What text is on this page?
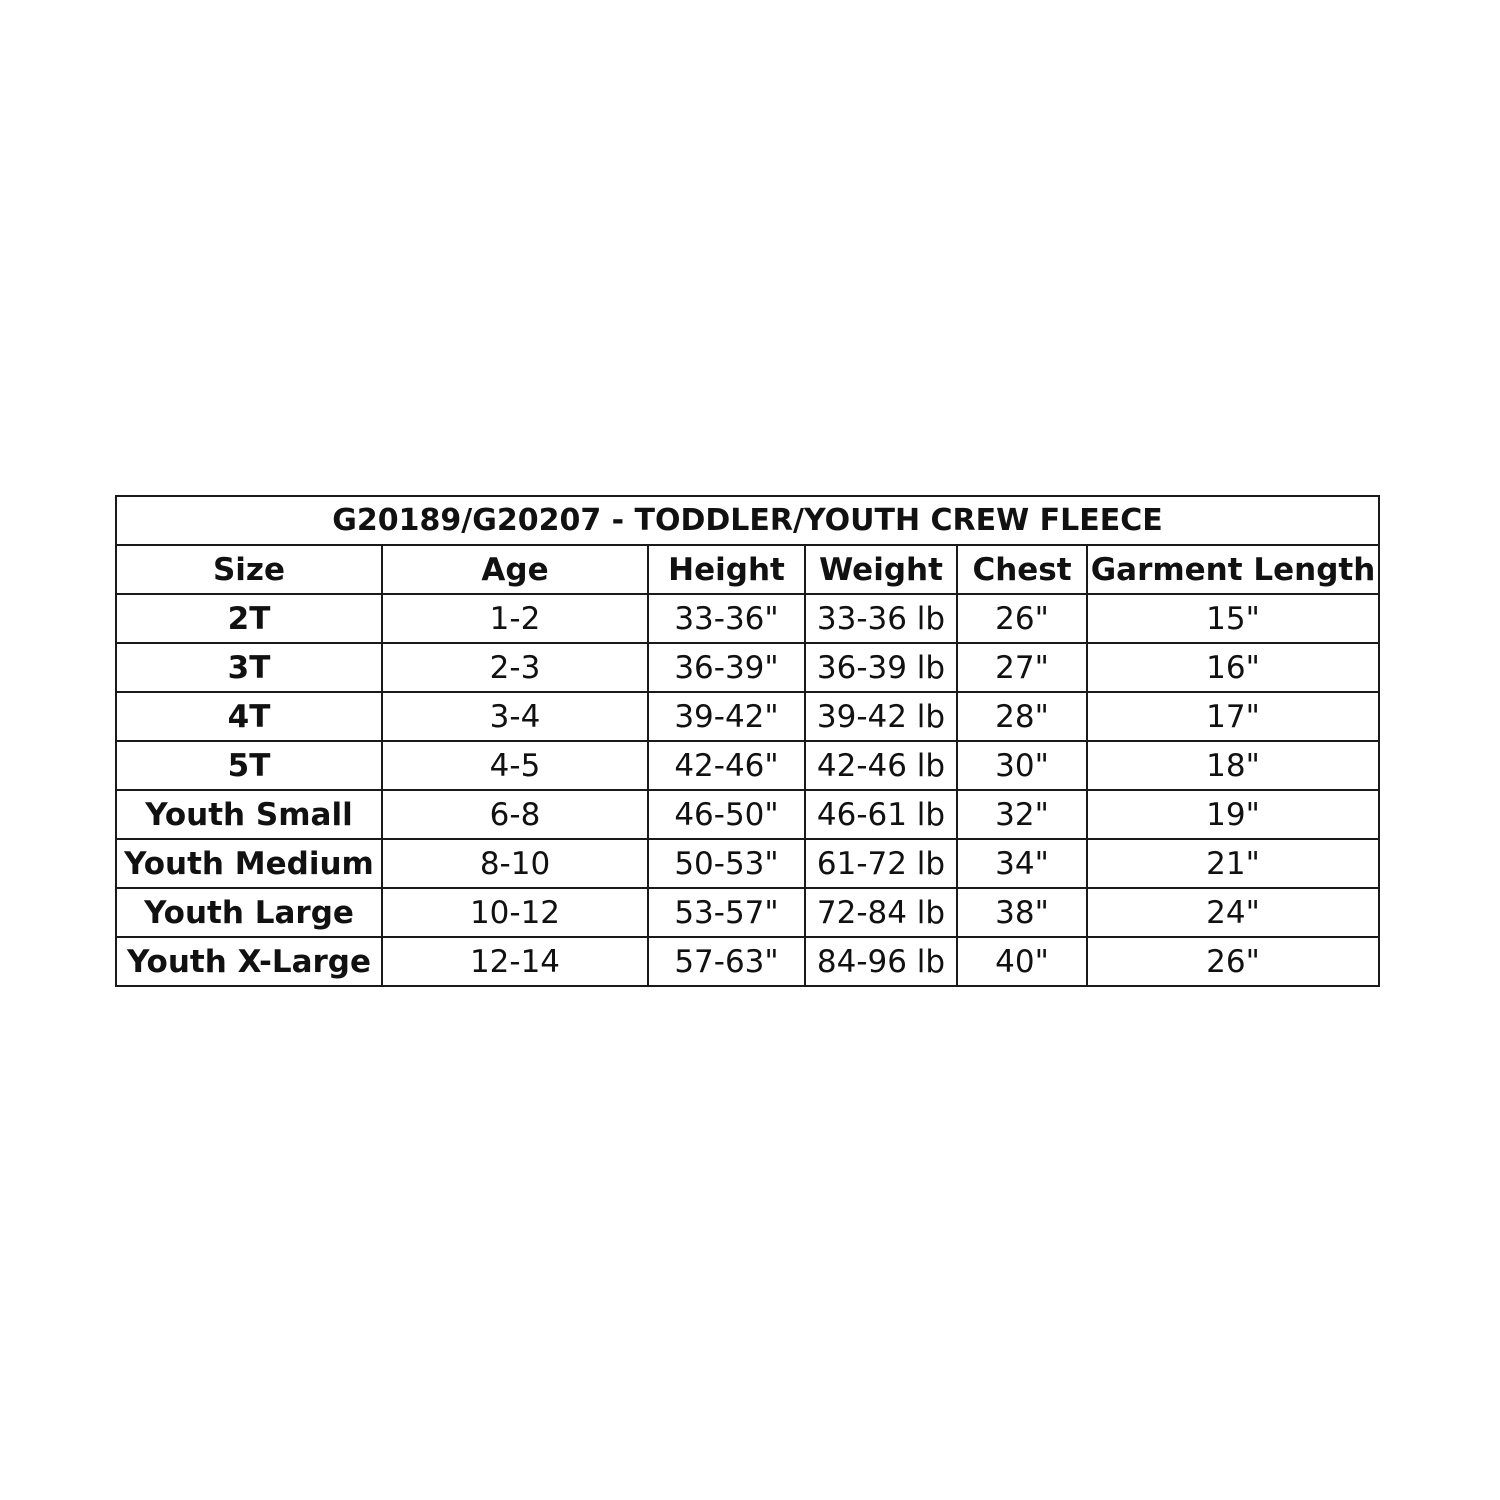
G20189/G20207 - TODDLER/YOUTH CREW FLEECE					
Size	Age	Height	Weight	Chest	Garment Length
2T	1-2	33-36"	33-36 lb	26"	15"
3T	2-3	36-39"	36-39 lb	27"	16"
4T	3-4	39-42"	39-42 lb	28"	17"
5T	4-5	42-46"	42-46 lb	30"	18"
Youth Small	6-8	46-50"	46-61 lb	32"	19"
Youth Medium	8-10	50-53"	61-72 lb	34"	21"
Youth Large	10-12	53-57"	72-84 lb	38"	24"
Youth X-Large	12-14	57-63"	84-96 lb	40"	26"
